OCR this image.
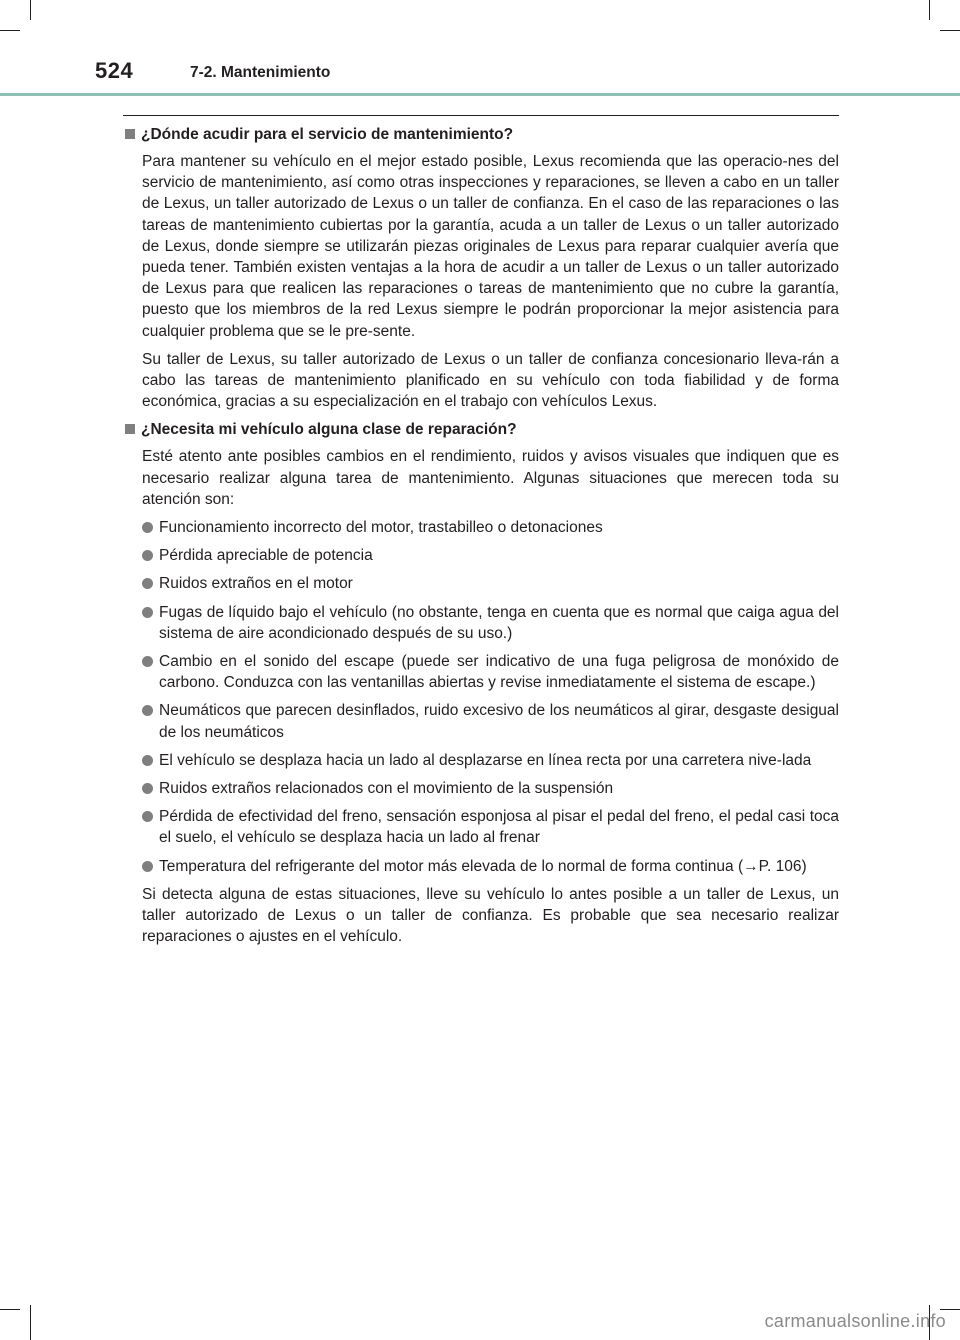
524	7-2. Mantenimiento
¿Dónde acudir para el servicio de mantenimiento?

Para mantener su vehículo en el mejor estado posible, Lexus recomienda que las operacio-nes del servicio de mantenimiento, así como otras inspecciones y reparaciones, se lleven a cabo en un taller de Lexus, un taller autorizado de Lexus o un taller de confianza. En el caso de las reparaciones o las tareas de mantenimiento cubiertas por la garantía, acuda a un taller de Lexus o un taller autorizado de Lexus, donde siempre se utilizarán piezas originales de Lexus para reparar cualquier avería que pueda tener. También existen ventajas a la hora de acudir a un taller de Lexus o un taller autorizado de Lexus para que realicen las reparaciones o tareas de mantenimiento que no cubre la garantía, puesto que los miembros de la red Lexus siempre le podrán proporcionar la mejor asistencia para cualquier problema que se le pre-sente.

Su taller de Lexus, su taller autorizado de Lexus o un taller de confianza concesionario lleva-rán a cabo las tareas de mantenimiento planificado en su vehículo con toda fiabilidad y de forma económica, gracias a su especialización en el trabajo con vehículos Lexus.

¿Necesita mi vehículo alguna clase de reparación?

Esté atento ante posibles cambios en el rendimiento, ruidos y avisos visuales que indiquen que es necesario realizar alguna tarea de mantenimiento. Algunas situaciones que merecen toda su atención son:

Funcionamiento incorrecto del motor, trastabilleo o detonaciones
Pérdida apreciable de potencia
Ruidos extraños en el motor
Fugas de líquido bajo el vehículo (no obstante, tenga en cuenta que es normal que caiga agua del sistema de aire acondicionado después de su uso.)
Cambio en el sonido del escape (puede ser indicativo de una fuga peligrosa de monóxido de carbono. Conduzca con las ventanillas abiertas y revise inmediatamente el sistema de escape.)
Neumáticos que parecen desinflados, ruido excesivo de los neumáticos al girar, desgaste desigual de los neumáticos
El vehículo se desplaza hacia un lado al desplazarse en línea recta por una carretera nive-lada
Ruidos extraños relacionados con el movimiento de la suspensión
Pérdida de efectividad del freno, sensación esponjosa al pisar el pedal del freno, el pedal casi toca el suelo, el vehículo se desplaza hacia un lado al frenar
Temperatura del refrigerante del motor más elevada de lo normal de forma continua (→P. 106)

Si detecta alguna de estas situaciones, lleve su vehículo lo antes posible a un taller de Lexus, un taller autorizado de Lexus o un taller de confianza. Es probable que sea necesario realizar reparaciones o ajustes en el vehículo.

carmanualsonline.info
